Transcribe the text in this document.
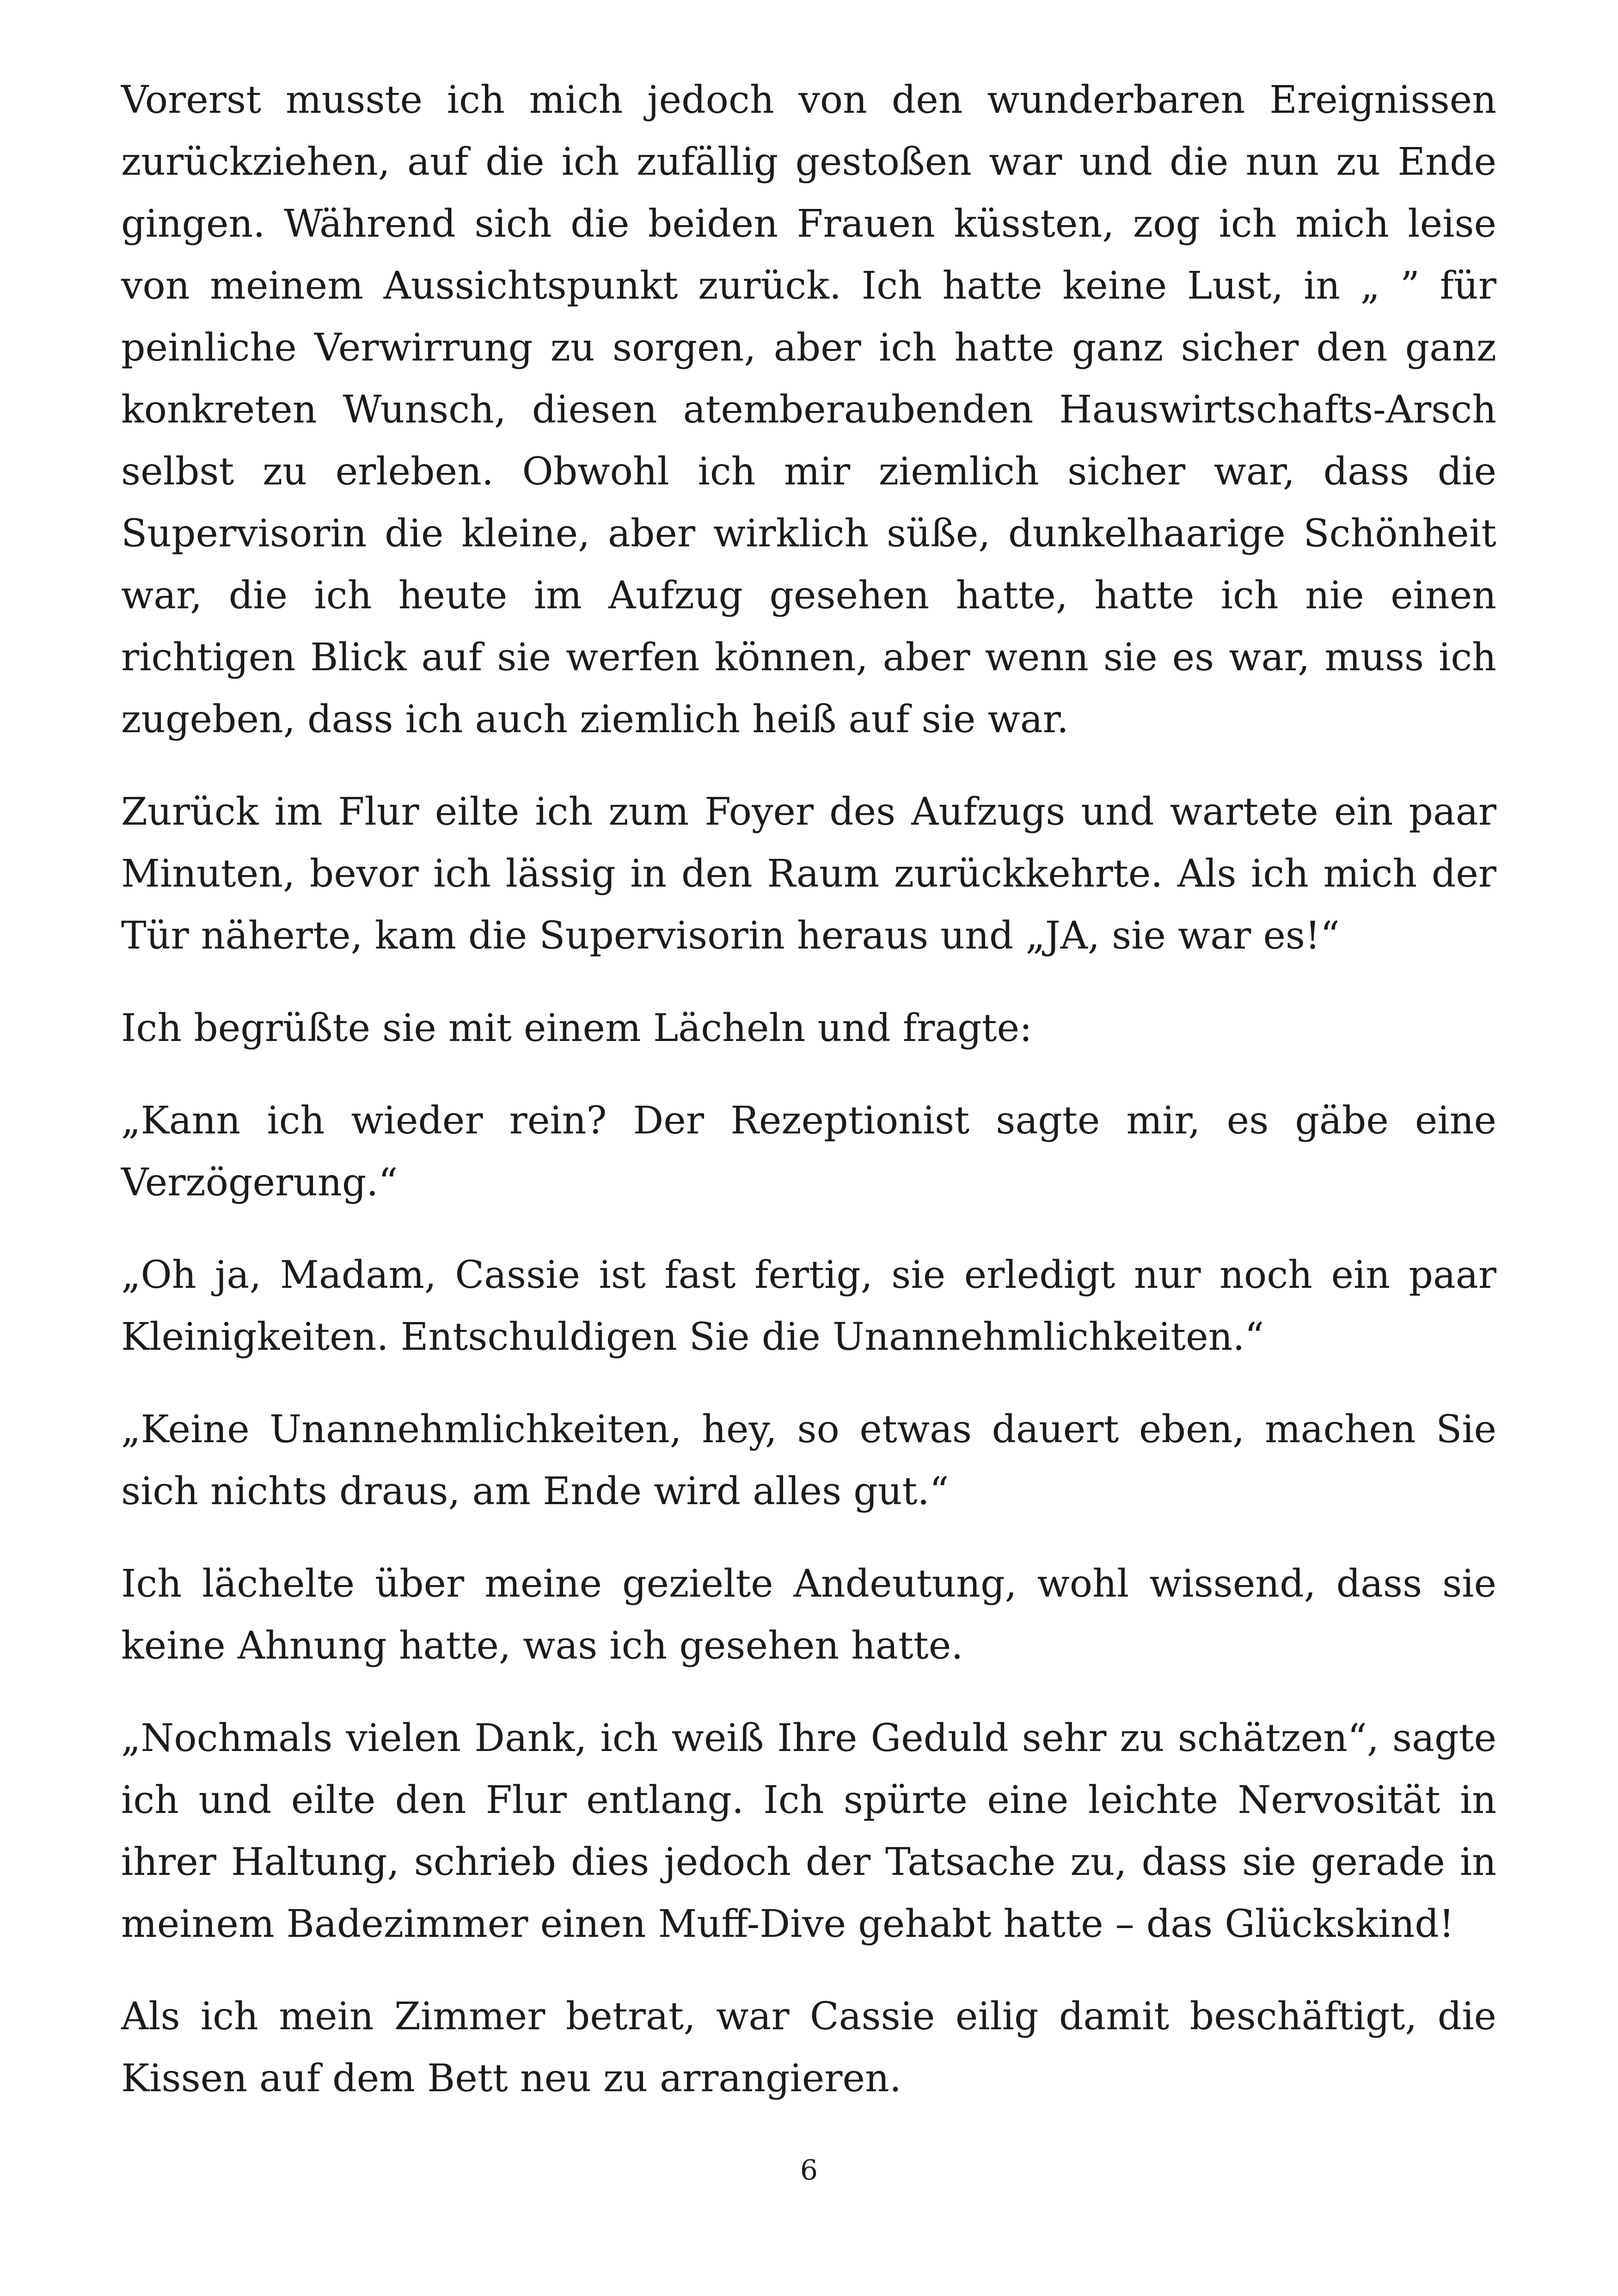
Vorerst musste ich mich jedoch von den wunderbaren Ereignissen zurückziehen, auf die ich zufällig gestoßen war und die nun zu Ende gingen. Während sich die beiden Frauen küssten, zog ich mich leise von meinem Aussichtspunkt zurück. Ich hatte keine Lust, in „ ” für peinliche Verwirrung zu sorgen, aber ich hatte ganz sicher den ganz konkreten Wunsch, diesen atemberaubenden Hauswirtschafts-Arsch selbst zu erleben. Obwohl ich mir ziemlich sicher war, dass die Supervisorin die kleine, aber wirklich süße, dunkelhaarige Schönheit war, die ich heute im Aufzug gesehen hatte, hatte ich nie einen richtigen Blick auf sie werfen können, aber wenn sie es war, muss ich zugeben, dass ich auch ziemlich heiß auf sie war.

Zurück im Flur eilte ich zum Foyer des Aufzugs und wartete ein paar Minuten, bevor ich lässig in den Raum zurückkehrte. Als ich mich der Tür näherte, kam die Supervisorin heraus und „JA, sie war es!“

Ich begrüßte sie mit einem Lächeln und fragte:

„Kann ich wieder rein? Der Rezeptionist sagte mir, es gäbe eine Verzögerung.“

„Oh ja, Madam, Cassie ist fast fertig, sie erledigt nur noch ein paar Kleinigkeiten. Entschuldigen Sie die Unannehmlichkeiten.“

„Keine Unannehmlichkeiten, hey, so etwas dauert eben, machen Sie sich nichts draus, am Ende wird alles gut.“

Ich lächelte über meine gezielte Andeutung, wohl wissend, dass sie keine Ahnung hatte, was ich gesehen hatte.

„Nochmals vielen Dank, ich weiß Ihre Geduld sehr zu schätzen“, sagte ich und eilte den Flur entlang. Ich spürte eine leichte Nervosität in ihrer Haltung, schrieb dies jedoch der Tatsache zu, dass sie gerade in meinem Badezimmer einen Muff-Dive gehabt hatte – das Glückskind!

Als ich mein Zimmer betrat, war Cassie eilig damit beschäftigt, die Kissen auf dem Bett neu zu arrangieren.

6
